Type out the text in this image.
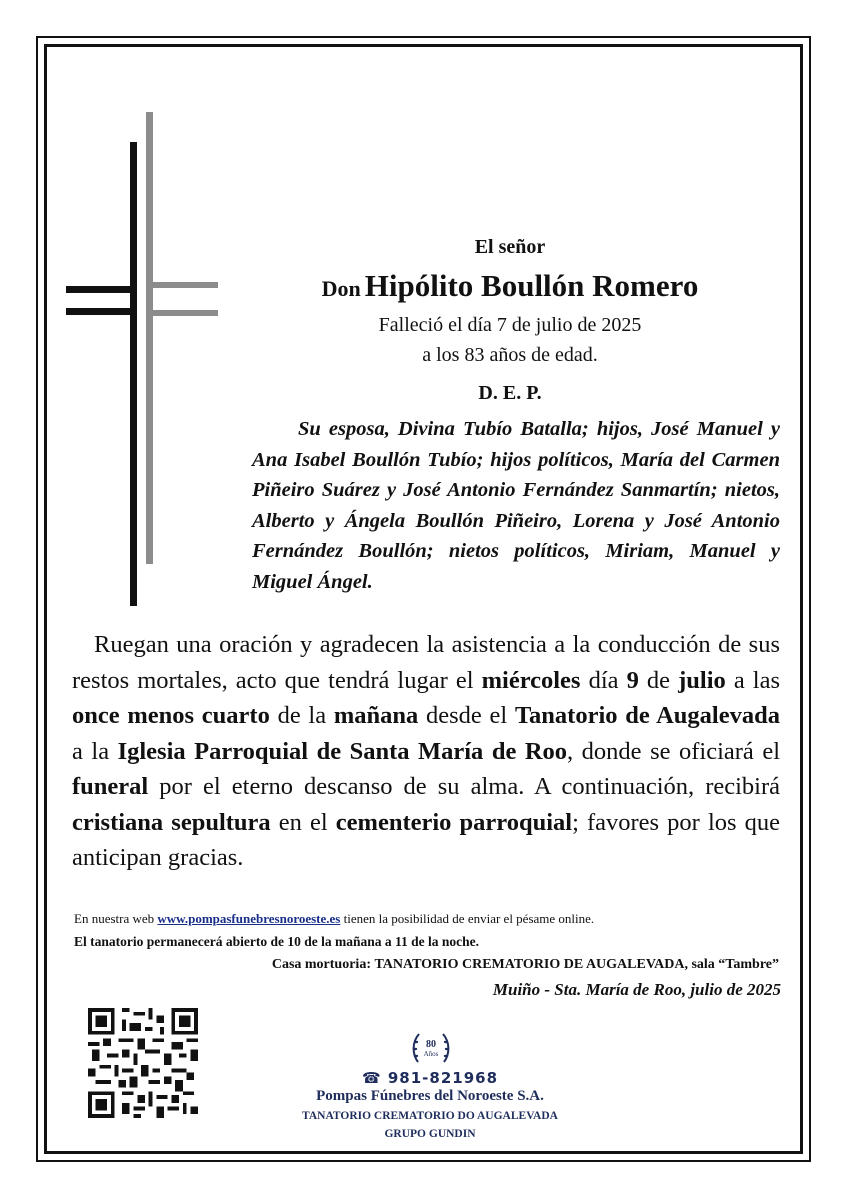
El señor
Don Hipólito Boullón Romero
Falleció el día 7 de julio de 2025
a los 83 años de edad.
D. E. P.
Su esposa, Divina Tubío Batalla; hijos, José Manuel y Ana Isabel Boullón Tubío; hijos políticos, María del Carmen Piñeiro Suárez y José Antonio Fernández Sanmartín; nietos, Alberto y Ángela Boullón Piñeiro, Lorena y José Antonio Fernández Boullón; nietos políticos, Miriam, Manuel y Miguel Ángel.
Ruegan una oración y agradecen la asistencia a la conducción de sus restos mortales, acto que tendrá lugar el miércoles día 9 de julio a las once menos cuarto de la mañana desde el Tanatorio de Augalevada a la Iglesia Parroquial de Santa María de Roo, donde se oficiará el funeral por el eterno descanso de su alma. A continuación, recibirá cristiana sepultura en el cementerio parroquial; favores por los que anticipan gracias.
En nuestra web www.pompasfunebresnoroeste.es tienen la posibilidad de enviar el pésame online.
El tanatorio permanecerá abierto de 10 de la mañana a 11 de la noche.
Casa mortuoria: TANATORIO CREMATORIO DE AUGALEVADA, sala “Tambre”
Muiño - Sta. María de Roo, julio de 2025
80
Años
☎ 981-821968
Pompas Fúnebres del Noroeste S.A.
TANATORIO CREMATORIO DO AUGALEVADA
GRUPO GUNDIN
